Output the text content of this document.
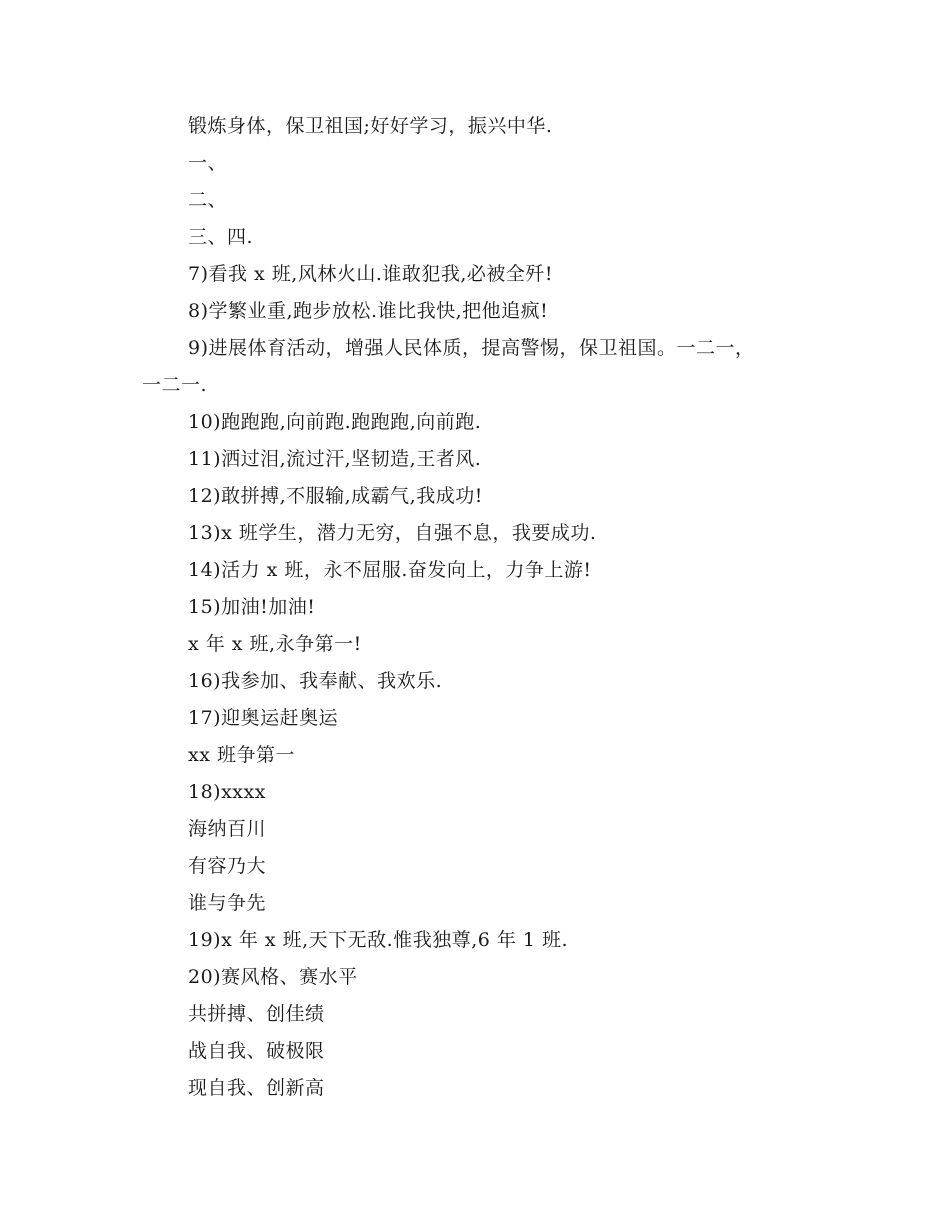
锻炼身体，保卫祖国;好好学习，振兴中华.
一、
二、
三、四.
7)看我 x 班,风林火山.谁敢犯我,必被全歼!
8)学繁业重,跑步放松.谁比我快,把他追疯!
9)进展体育活动，增强人民体质，提高警惕，保卫祖国。一二一，
一二一.
10)跑跑跑,向前跑.跑跑跑,向前跑.
11)洒过泪,流过汗,坚韧造,王者风.
12)敢拼搏,不服输,成霸气,我成功!
13)x 班学生，潜力无穷，自强不息，我要成功.
14)活力 x 班，永不屈服.奋发向上，力争上游!
15)加油!加油!
x 年 x 班,永争第一!
16)我参加、我奉献、我欢乐.
17)迎奥运赶奥运
xx 班争第一
18)xxxx
海纳百川
有容乃大
谁与争先
19)x 年 x 班,天下无敌.惟我独尊,6 年 1 班.
20)赛风格、赛水平
共拼搏、创佳绩
战自我、破极限
现自我、创新高
